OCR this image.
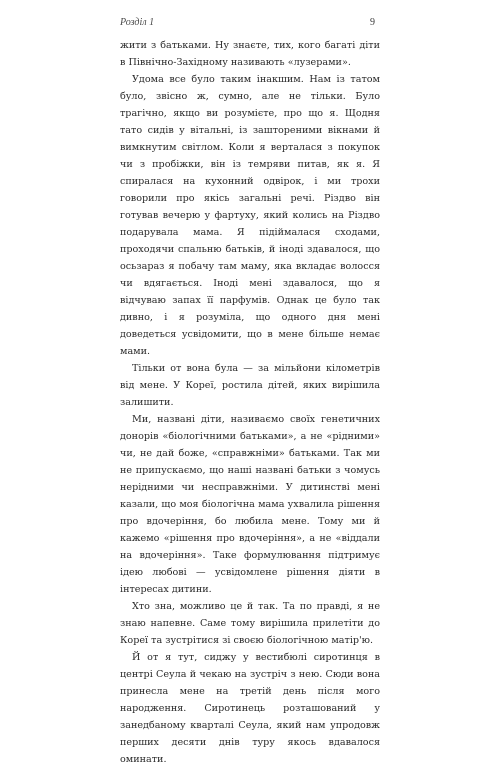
Розділ 1	9

жити з батьками. Ну знаєте, тих, кого багаті діти в Північно-Західному називають «лузерами».

Удома все було таким інакшим. Нам із татом було, звісно ж, сумно, але не тільки. Було трагічно, якщо ви розумієте, про що я. Щодня тато сидів у вітальні, із заштореними вікнами й вимкнутим світлом. Коли я верталася з покупок чи з пробіжки, він із темряви питав, як я. Я спиралася на кухонний одвірок, і ми трохи говорили про якісь загальні речі. Різдво він готував вечерю у фартуху, який колись на Різдво подарувала мама. Я підіймалася сходами, проходячи спальню батьків, й іноді здавалося, що осьзараз я побачу там маму, яка вкладає волосся чи вдягається. Іноді мені здавалося, що я відчуваю запах її парфумів. Однак це було так дивно, і я розуміла, що одного дня мені доведеться усвідомити, що в мене більше немає мами.

Тільки от вона була — за мільйони кілометрів від мене. У Кореї, ростила дітей, яких вирішила залишити.

Ми, названі діти, називаємо своїх генетичних донорів «біологічними батьками», а не «рідними» чи, не дай боже, «справжніми» батьками. Так ми не припускаємо, що наші названі батьки з чомусь нерідними чи несправжніми. У дитинстві мені казали, що моя біологічна мама ухвалила рішення про вдочеріння, бо любила мене. Тому ми й кажемо «рішення про вдочеріння», а не «віддали на вдочеріння». Таке формулювання підтримує ідею любові — усвідомлене рішення діяти в інтересах дитини.

Хто зна, можливо це й так. Та по правді, я не знаю напевне. Саме тому вирішила прилетіти до Кореї та зустрітися зі своєю біологічною матір'ю.

Й от я тут, сиджу у вестибюлі сиротинця в центрі Сеула й чекаю на зустріч з нею. Сюди вона принесла мене на третій день після мого народження. Сиротинець розташований у занедбаному кварталі Сеула, який нам упродовж перших десяти днів туру якось вдавалося оминати.
